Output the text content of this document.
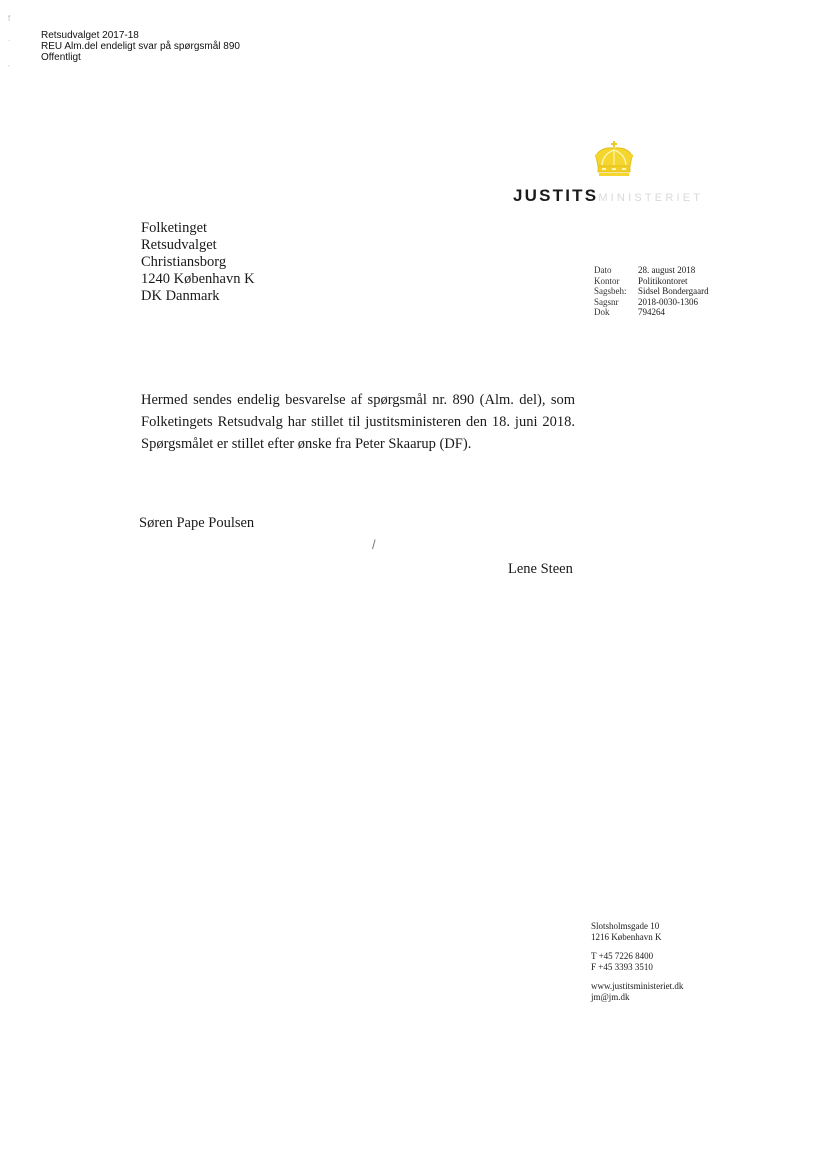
f
.
’
Retsudvalget 2017-18
REU Alm.del endeligt svar på spørgsmål 890
Offentligt
JUSTITSMINISTERIET
Folketinget
Retsudvalget
Christiansborg
1240 København K
DK Danmark
Dato	28. august 2018
Kontor Politikontoret
Sagsbeh: Sidsel Bondergaard
Sagsnr 2018-0030-1306
Dok	794264
Hermed sendes endelig besvarelse af spørgsmål nr. 890 (Alm. del), som Folketingets Retsudvalg har stillet til justitsministeren den 18. juni 2018. Spørgsmålet er stillet efter ønske fra Peter Skaarup (DF).
Søren Pape Poulsen
/
Lene Steen
Slotsholmsgade 10
1216 København K
T +45 7226 8400
F +45 3393 3510
www.justitsministeriet.dk
jm@jm.dk
